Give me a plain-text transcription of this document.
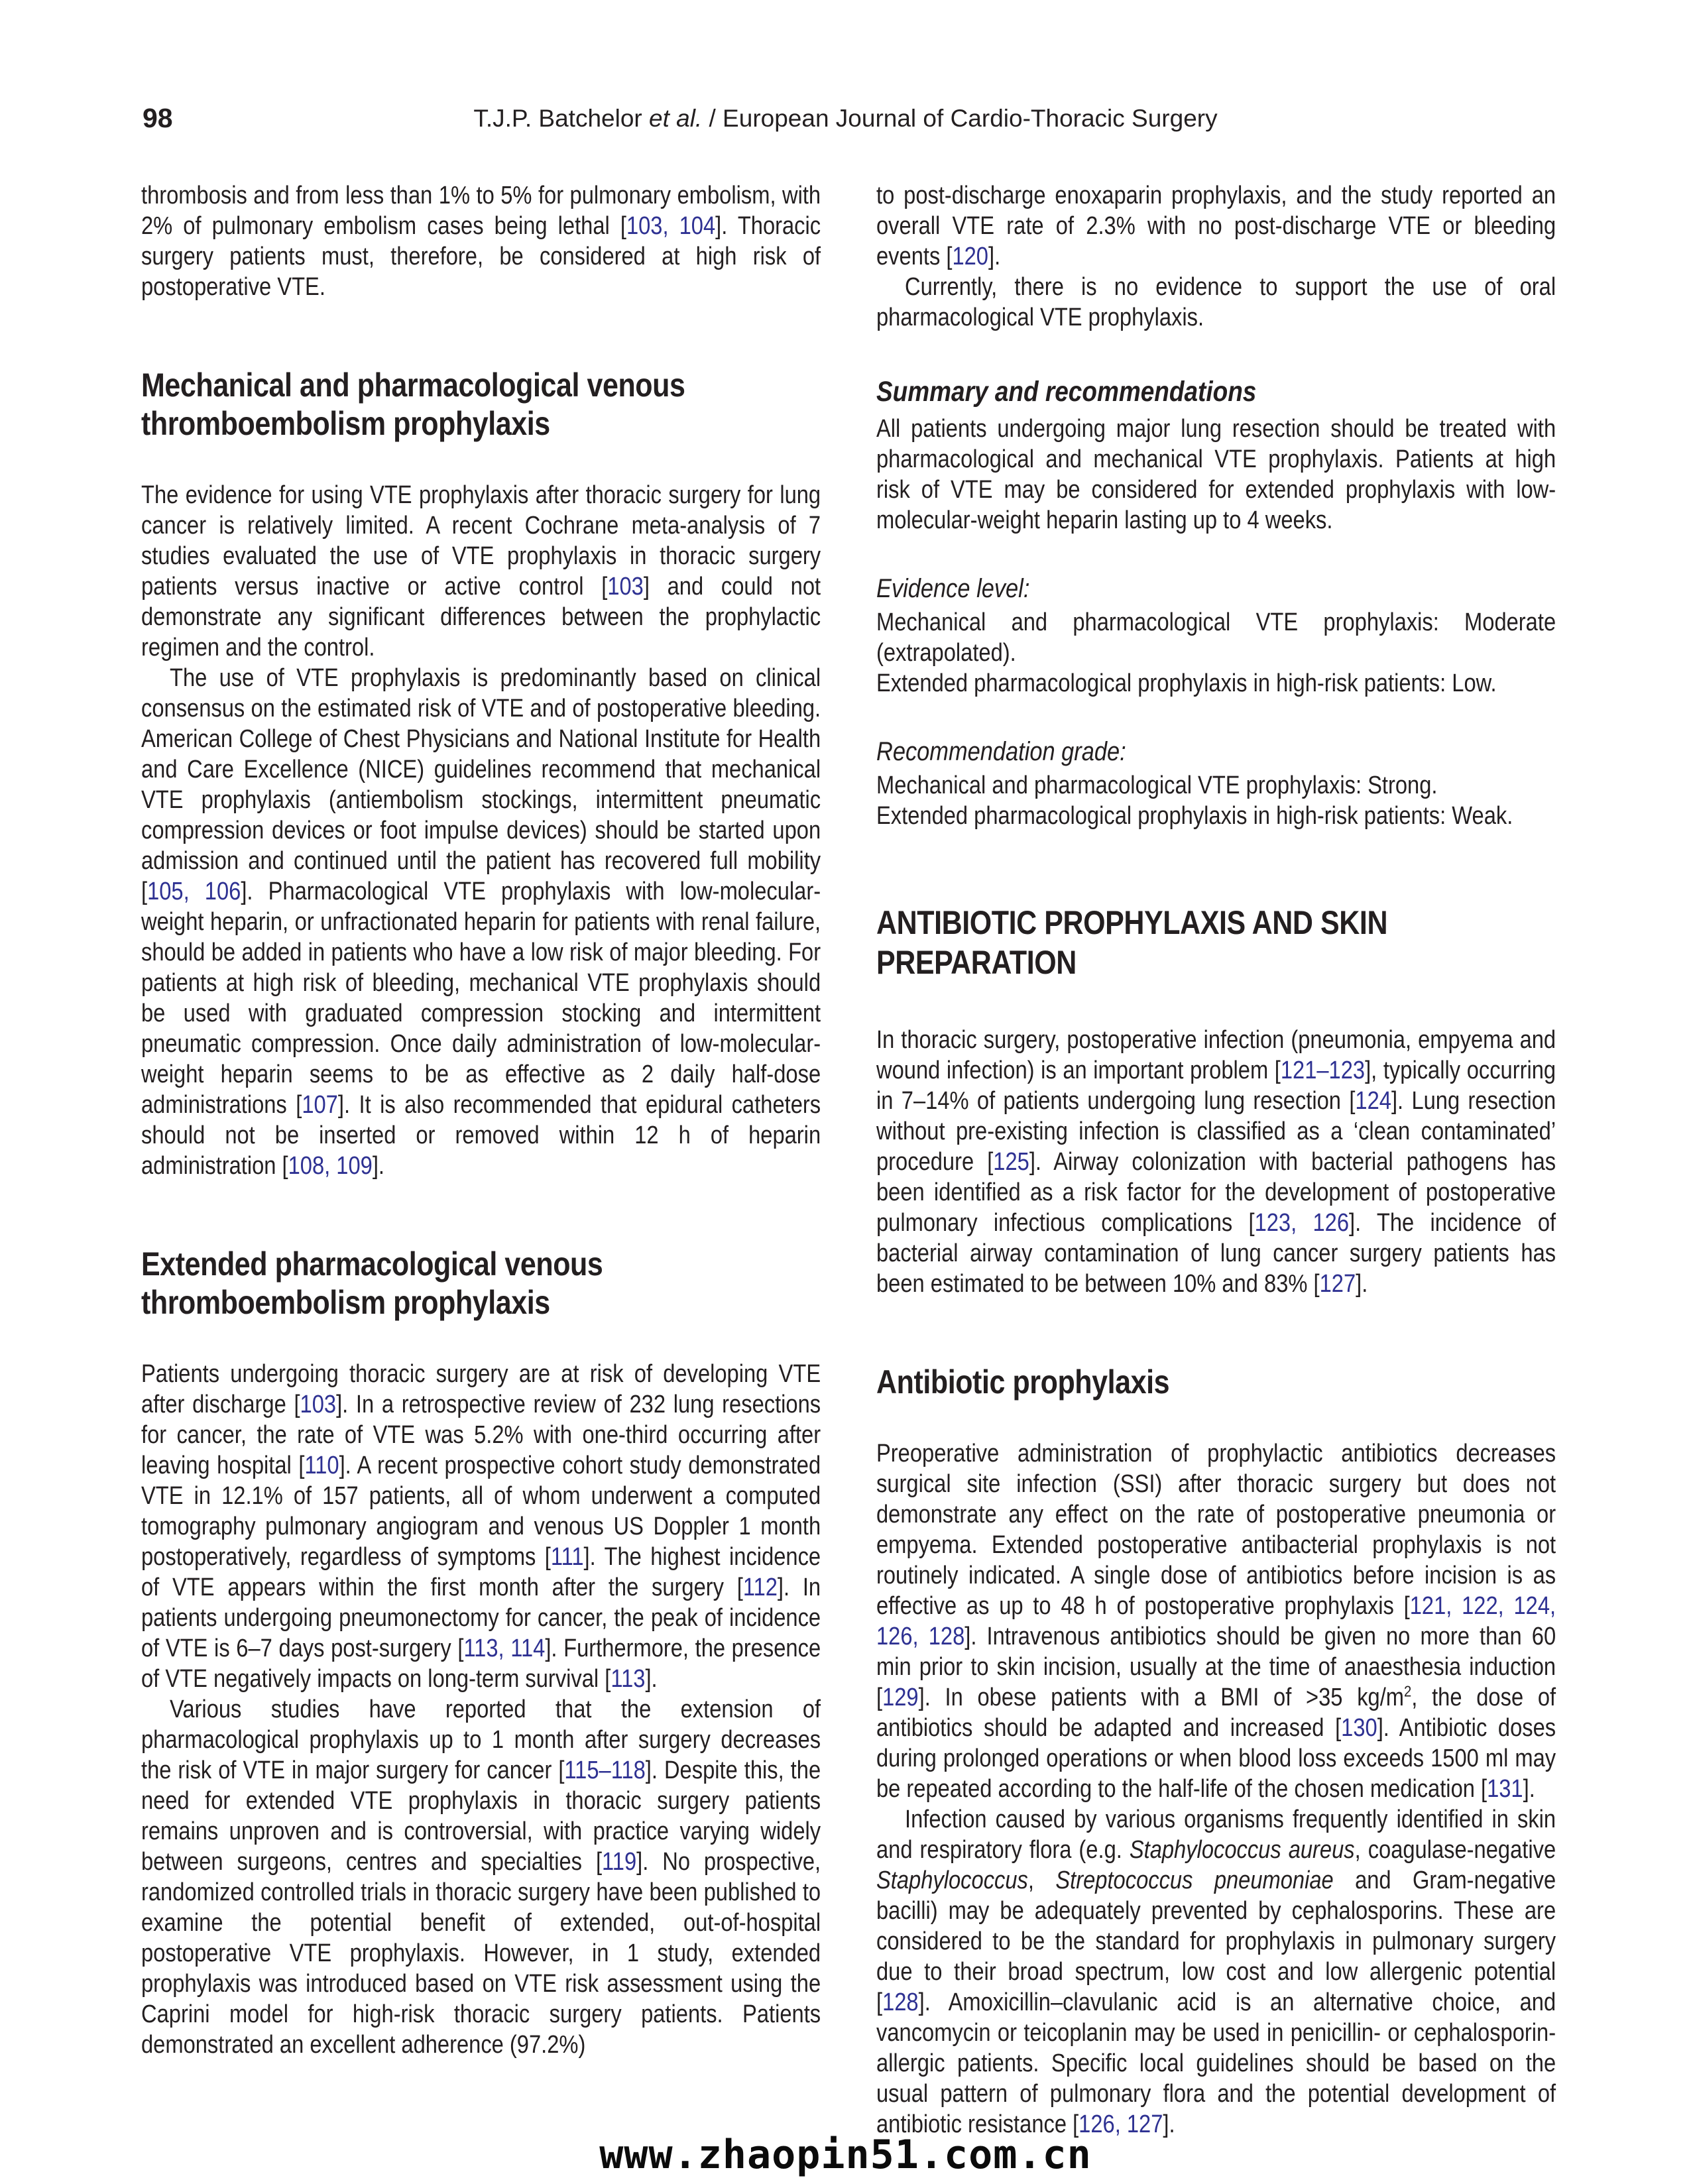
98	T.J.P. Batchelor et al. / European Journal of Cardio-Thoracic Surgery

thrombosis and from less than 1% to 5% for pulmonary embolism, with 2% of pulmonary embolism cases being lethal [103, 104]. Thoracic surgery patients must, therefore, be considered at high risk of postoperative VTE.

Mechanical and pharmacological venous thromboembolism prophylaxis

The evidence for using VTE prophylaxis after thoracic surgery for lung cancer is relatively limited. A recent Cochrane meta-analysis of 7 studies evaluated the use of VTE prophylaxis in thoracic surgery patients versus inactive or active control [103] and could not demonstrate any significant differences between the prophylactic regimen and the control.

The use of VTE prophylaxis is predominantly based on clinical consensus on the estimated risk of VTE and of postoperative bleeding. American College of Chest Physicians and National Institute for Health and Care Excellence (NICE) guidelines recommend that mechanical VTE prophylaxis (antiembolism stockings, intermittent pneumatic compression devices or foot impulse devices) should be started upon admission and continued until the patient has recovered full mobility [105, 106]. Pharmacological VTE prophylaxis with low-molecular-weight heparin, or unfractionated heparin for patients with renal failure, should be added in patients who have a low risk of major bleeding. For patients at high risk of bleeding, mechanical VTE prophylaxis should be used with graduated compression stocking and intermittent pneumatic compression. Once daily administration of low-molecular-weight heparin seems to be as effective as 2 daily half-dose administrations [107]. It is also recommended that epidural catheters should not be inserted or removed within 12 h of heparin administration [108, 109].

Extended pharmacological venous thromboembolism prophylaxis

Patients undergoing thoracic surgery are at risk of developing VTE after discharge [103]. In a retrospective review of 232 lung resections for cancer, the rate of VTE was 5.2% with one-third occurring after leaving hospital [110]. A recent prospective cohort study demonstrated VTE in 12.1% of 157 patients, all of whom underwent a computed tomography pulmonary angiogram and venous US Doppler 1 month postoperatively, regardless of symptoms [111]. The highest incidence of VTE appears within the first month after the surgery [112]. In patients undergoing pneumonectomy for cancer, the peak of incidence of VTE is 6–7 days post-surgery [113, 114]. Furthermore, the presence of VTE negatively impacts on long-term survival [113].

Various studies have reported that the extension of pharmacological prophylaxis up to 1 month after surgery decreases the risk of VTE in major surgery for cancer [115–118]. Despite this, the need for extended VTE prophylaxis in thoracic surgery patients remains unproven and is controversial, with practice varying widely between surgeons, centres and specialties [119]. No prospective, randomized controlled trials in thoracic surgery have been published to examine the potential benefit of extended, out-of-hospital postoperative VTE prophylaxis. However, in 1 study, extended prophylaxis was introduced based on VTE risk assessment using the Caprini model for high-risk thoracic surgery patients. Patients demonstrated an excellent adherence (97.2%)

to post-discharge enoxaparin prophylaxis, and the study reported an overall VTE rate of 2.3% with no post-discharge VTE or bleeding events [120].

Currently, there is no evidence to support the use of oral pharmacological VTE prophylaxis.

Summary and recommendations

All patients undergoing major lung resection should be treated with pharmacological and mechanical VTE prophylaxis. Patients at high risk of VTE may be considered for extended prophylaxis with low-molecular-weight heparin lasting up to 4 weeks.

Evidence level:

Mechanical and pharmacological VTE prophylaxis: Moderate (extrapolated).

Extended pharmacological prophylaxis in high-risk patients: Low.

Recommendation grade:

Mechanical and pharmacological VTE prophylaxis: Strong.

Extended pharmacological prophylaxis in high-risk patients: Weak.

ANTIBIOTIC PROPHYLAXIS AND SKIN PREPARATION

In thoracic surgery, postoperative infection (pneumonia, empyema and wound infection) is an important problem [121–123], typically occurring in 7–14% of patients undergoing lung resection [124]. Lung resection without pre-existing infection is classified as a ‘clean contaminated’ procedure [125]. Airway colonization with bacterial pathogens has been identified as a risk factor for the development of postoperative pulmonary infectious complications [123, 126]. The incidence of bacterial airway contamination of lung cancer surgery patients has been estimated to be between 10% and 83% [127].

Antibiotic prophylaxis

Preoperative administration of prophylactic antibiotics decreases surgical site infection (SSI) after thoracic surgery but does not demonstrate any effect on the rate of postoperative pneumonia or empyema. Extended postoperative antibacterial prophylaxis is not routinely indicated. A single dose of antibiotics before incision is as effective as up to 48 h of postoperative prophylaxis [121, 122, 124, 126, 128]. Intravenous antibiotics should be given no more than 60 min prior to skin incision, usually at the time of anaesthesia induction [129]. In obese patients with a BMI of >35 $kg/m^2$, the dose of antibiotics should be adapted and increased [130]. Antibiotic doses during prolonged operations or when blood loss exceeds 1500 ml may be repeated according to the half-life of the chosen medication [131].

Infection caused by various organisms frequently identified in skin and respiratory flora (e.g. Staphylococcus aureus, coagulase-negative Staphylococcus, Streptococcus pneumoniae and Gram-negative bacilli) may be adequately prevented by cephalosporins. These are considered to be the standard for prophylaxis in pulmonary surgery due to their broad spectrum, low cost and low allergenic potential [128]. Amoxicillin–clavulanic acid is an alternative choice, and vancomycin or teicoplanin may be used in penicillin- or cephalosporin-allergic patients. Specific local guidelines should be based on the usual pattern of pulmonary flora and the potential development of antibiotic resistance [126, 127].

www.zhaopin51.com.cn
